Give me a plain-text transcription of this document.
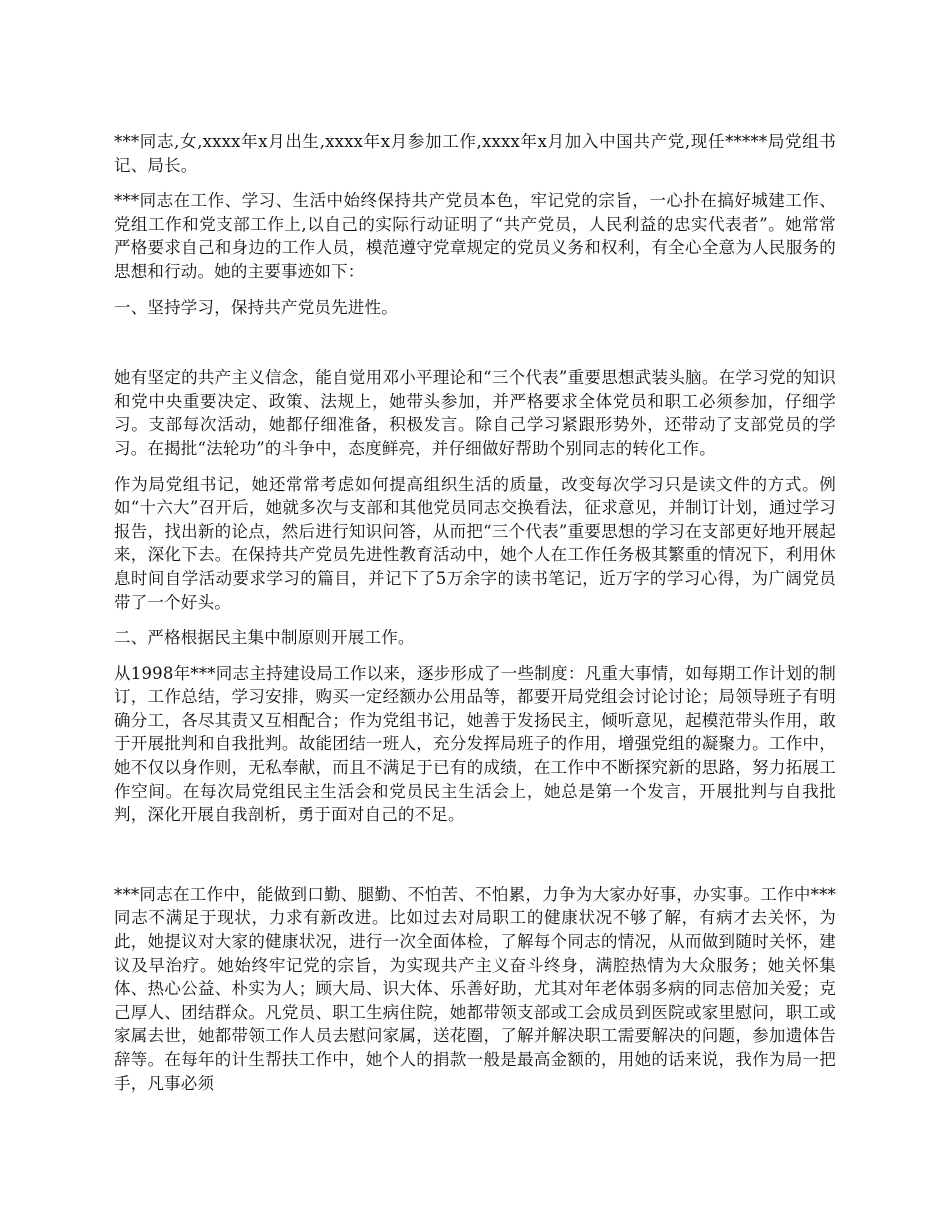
***同志,女,xxxx年x月出生,xxxx年x月参加工作,xxxx年x月加入中国共产党,现任*****局党组书记、局长。

***同志在工作、学习、生活中始终保持共产党员本色，牢记党的宗旨，一心扑在搞好城建工作、党组工作和党支部工作上,以自己的实际行动证明了“共产党员，人民利益的忠实代表者”。她常常严格要求自己和身边的工作人员，模范遵守党章规定的党员义务和权利，有全心全意为人民服务的思想和行动。她的主要事迹如下：

一、坚持学习，保持共产党员先进性。

她有坚定的共产主义信念，能自觉用邓小平理论和“三个代表”重要思想武装头脑。在学习党的知识和党中央重要决定、政策、法规上，她带头参加，并严格要求全体党员和职工必须参加，仔细学习。支部每次活动，她都仔细准备，积极发言。除自己学习紧跟形势外，还带动了支部党员的学习。在揭批“法轮功”的斗争中，态度鲜亮，并仔细做好帮助个别同志的转化工作。

作为局党组书记，她还常常考虑如何提高组织生活的质量，改变每次学习只是读文件的方式。例如“十六大”召开后，她就多次与支部和其他党员同志交换看法，征求意见，并制订计划，通过学习报告，找出新的论点，然后进行知识问答，从而把“三个代表”重要思想的学习在支部更好地开展起来，深化下去。在保持共产党员先进性教育活动中，她个人在工作任务极其繁重的情况下，利用休息时间自学活动要求学习的篇目，并记下了5万余字的读书笔记，近万字的学习心得，为广阔党员带了一个好头。

二、严格根据民主集中制原则开展工作。

从1998年***同志主持建设局工作以来，逐步形成了一些制度：凡重大事情，如每期工作计划的制订，工作总结，学习安排，购买一定经额办公用品等，都要开局党组会讨论讨论；局领导班子有明确分工，各尽其责又互相配合；作为党组书记，她善于发扬民主，倾听意见，起模范带头作用，敢于开展批判和自我批判。故能团结一班人，充分发挥局班子的作用，增强党组的凝聚力。工作中，她不仅以身作则，无私奉献，而且不满足于已有的成绩，在工作中不断探究新的思路，努力拓展工作空间。在每次局党组民主生活会和党员民主生活会上，她总是第一个发言，开展批判与自我批判，深化开展自我剖析，勇于面对自己的不足。

***同志在工作中，能做到口勤、腿勤、不怕苦、不怕累，力争为大家办好事，办实事。工作中***同志不满足于现状，力求有新改进。比如过去对局职工的健康状况不够了解，有病才去关怀，为此，她提议对大家的健康状况，进行一次全面体检，了解每个同志的情况，从而做到随时关怀，建议及早治疗。她始终牢记党的宗旨，为实现共产主义奋斗终身，满腔热情为大众服务；她关怀集体、热心公益、朴实为人；顾大局、识大体、乐善好助，尤其对年老体弱多病的同志倍加关爱；克己厚人、团结群众。凡党员、职工生病住院，她都带领支部或工会成员到医院或家里慰问，职工或家属去世，她都带领工作人员去慰问家属，送花圈，了解并解决职工需要解决的问题，参加遗体告辞等。在每年的计生帮扶工作中，她个人的捐款一般是最高金额的，用她的话来说，我作为局一把手，凡事必须
